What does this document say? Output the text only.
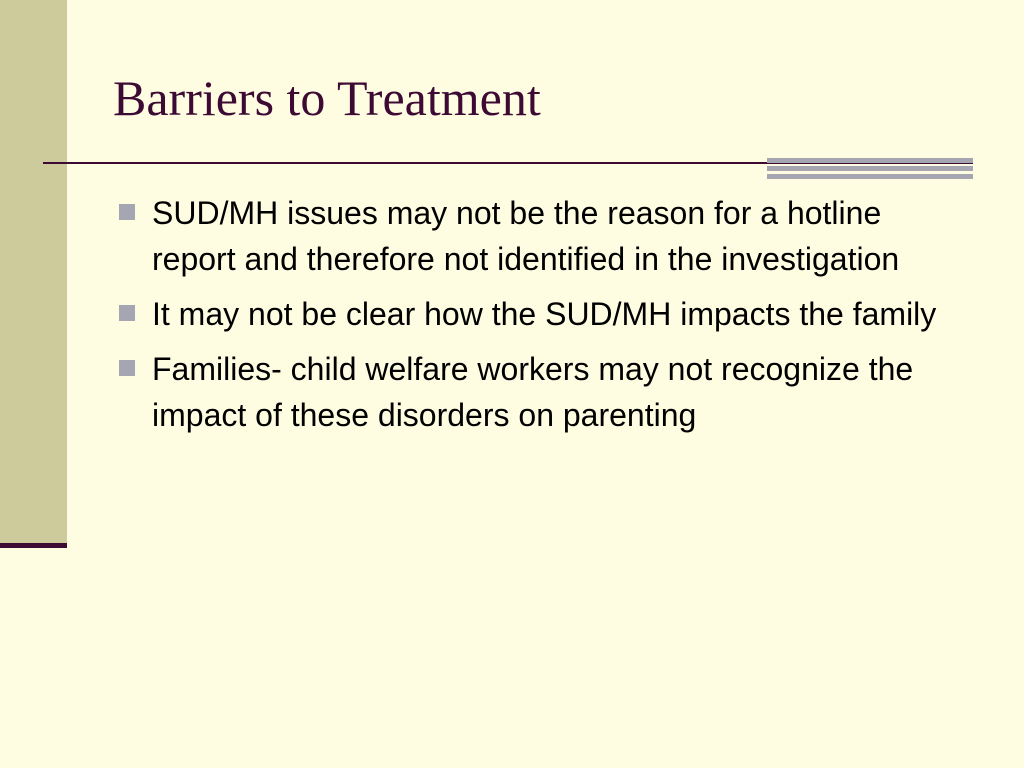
Barriers to Treatment
SUD/MH issues may not be the reason for a hotline report and therefore not identified in the investigation
It may not be clear how the SUD/MH impacts the family
Families- child welfare workers may not recognize the impact of these disorders on parenting
